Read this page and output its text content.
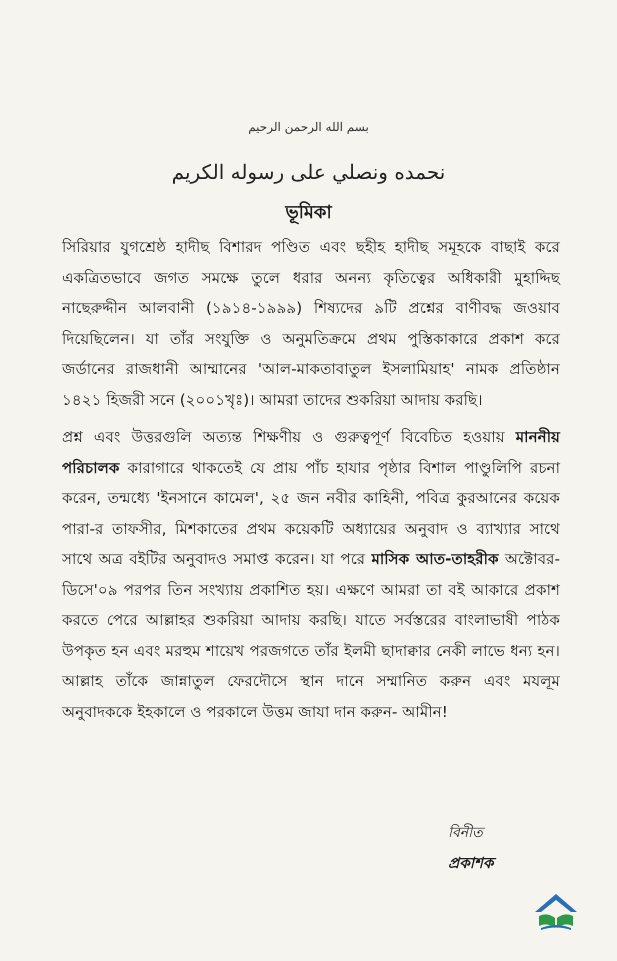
بسم الله الرحمن الرحيم
نحمده ونصلي على رسوله الكريم
ভূমিকা

সিরিয়ার যুগশ্রেষ্ঠ হাদীছ বিশারদ পণ্ডিত এবং ছহীহ হাদীছ সমূহকে বাছাই করে একত্রিতভাবে জগত সমক্ষে তুলে ধরার অনন্য কৃতিত্বের অধিকারী মুহাদ্দিছ নাছেরুদ্দীন আলবানী (১৯১৪-১৯৯৯) শিষ্যদের ৯টি প্রশ্নের বাণীবদ্ধ জওয়াব দিয়েছিলেন। যা তাঁর সংযুক্তি ও অনুমতিক্রমে প্রথম পুস্তিকাকারে প্রকাশ করে জর্ডানের রাজধানী আম্মানের 'আল-মাকতাবাতুল ইসলামিয়াহ' নামক প্রতিষ্ঠান ১৪২১ হিজরী সনে (২০০১খৃঃ)। আমরা তাদের শুকরিয়া আদায় করছি।

প্রশ্ন এবং উত্তরগুলি অত্যন্ত শিক্ষণীয় ও গুরুত্বপূর্ণ বিবেচিত হওয়ায় মাননীয় পরিচালক কারাগারে থাকতেই যে প্রায় পাঁচ হাযার পৃষ্ঠার বিশাল পাণ্ডুলিপি রচনা করেন, তন্মধ্যে 'ইনসানে কামেল', ২৫ জন নবীর কাহিনী, পবিত্র কুরআনের কয়েক পারা-র তাফসীর, মিশকাতের প্রথম কয়েকটি অধ্যায়ের অনুবাদ ও ব্যাখ্যার সাথে সাথে অত্র বইটির অনুবাদও সমাপ্ত করেন। যা পরে মাসিক আত-তাহরীক অক্টোবর-ডিসে'০৯ পরপর তিন সংখ্যায় প্রকাশিত হয়। এক্ষণে আমরা তা বই আকারে প্রকাশ করতে পেরে আল্লাহর শুকরিয়া আদায় করছি। যাতে সর্বস্তরের বাংলাভাষী পাঠক উপকৃত হন এবং মরহুম শায়েখ পরজগতে তাঁর ইলমী ছাদাক্বার নেকী লাভে ধন্য হন। আল্লাহ তাঁকে জান্নাতুল ফেরদৌসে স্থান দানে সম্মানিত করুন এবং মযলূম অনুবাদককে ইহকালে ও পরকালে উত্তম জাযা দান করুন- আমীন!

বিনীত
প্রকাশক
